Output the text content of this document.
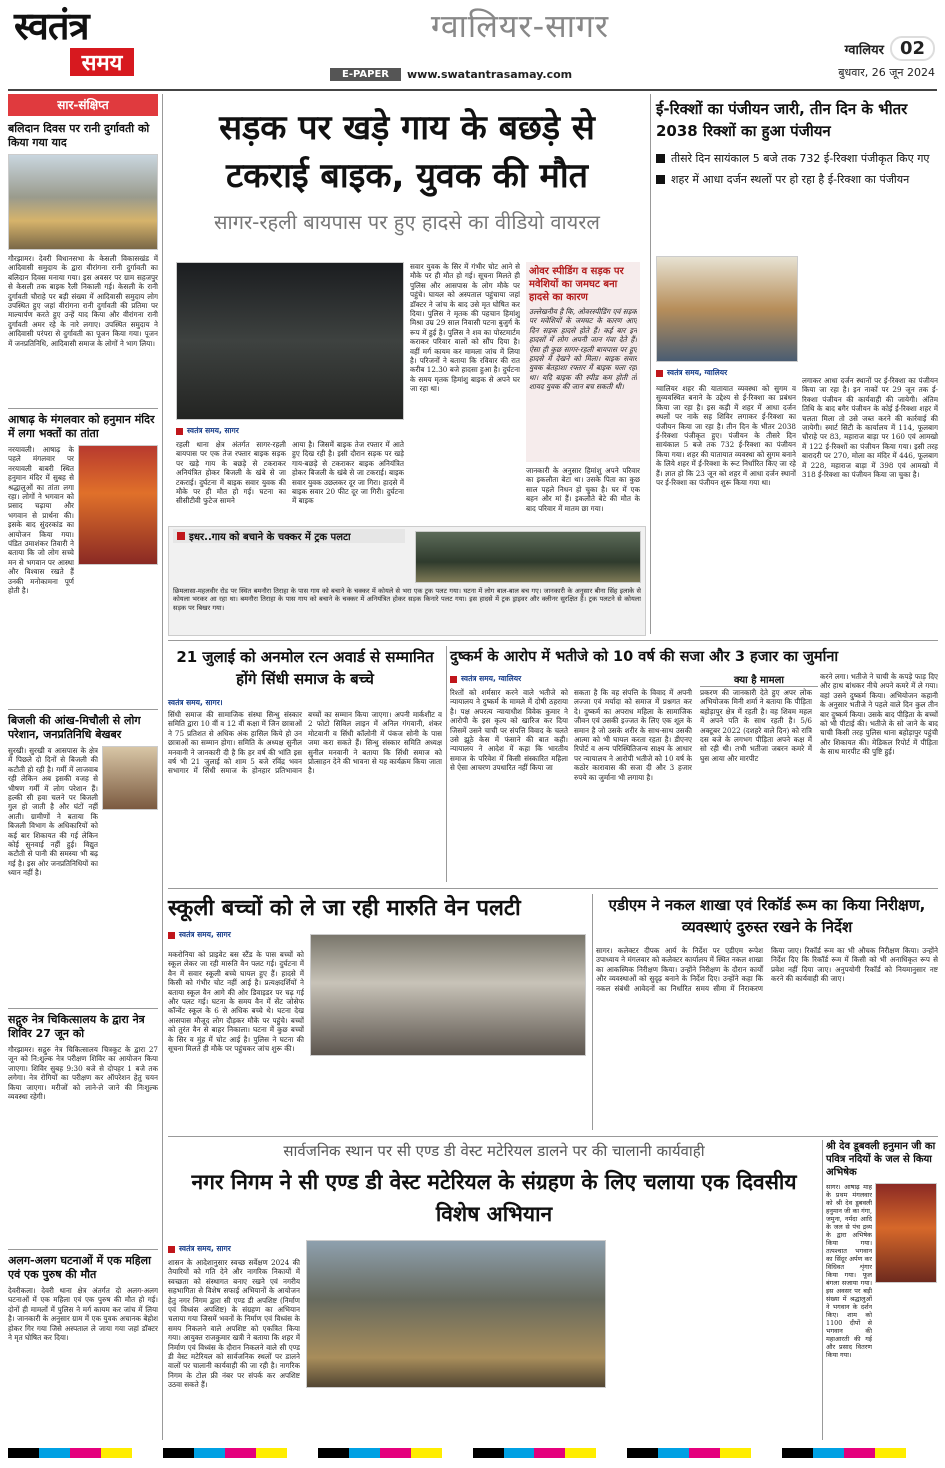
स्वतंत्र
समय
ग्वालियर-सागर
E-PAPER	www.swatantrasamay.com
ग्वालियर 02
बुधवार, 26 जून 2024
सार-संक्षिप्त
बलिदान दिवस पर रानी दुर्गावती को किया गया याद
गौरझामर। देवरी विधानसभा के केसली विकासखंड में आदिवासी समुदाय के द्वारा वीरांगना रानी दुर्गावती का बलिदान दिवस मनाया गया। इस अवसर पर ग्राम सहजपुर से केसली तक बाइक रैली निकाली गई। केसली के रानी दुर्गावती चौराहे पर बड़ी संख्या में आदिवासी समुदाय लोग उपस्थित हुए जहां वीरांगना रानी दुर्गावती की प्रतिमा पर माल्यार्पण करते हुए उन्हें याद किया और वीरांगना रानी दुर्गावती अमर रहे के नारे लगाए। उपस्थित समुदाय ने आदिवासी परंपरा से दुर्गावती का पूजन किया गया। पूजन में जनप्रतिनिधि, आदिवासी समाज के लोगों ने भाग लिया।
आषाढ़ के मंगलवार को हनुमान मंदिर में लगा भक्तों का तांता
नरयावली। आषाढ़ के पहले मंगलवार पर नरयावली बाबरी स्थित हनुमान मंदिर में सुबह से श्रद्धालुओं का तांता लगा रहा। लोगों ने भगवान को प्रसाद चढ़ाया और भगवान से प्रार्थना की। इसके बाद सुंदरकांड का आयोजन किया गया। पंडित उमाशंकर तिवारी ने बताया कि जो लोग सच्चे मन से भगवान पर आस्था और विश्वास रखते हैं उनकी मनोकामना पूर्ण होती है।
बिजली की आंख-मिचौली से लोग परेशान, जनप्रतिनिधि बेखबर
सुरखी। सुरखी व आसपास के क्षेत्र में पिछले दो दिनों से बिजली की कटौती हो रही है। गर्मी में लाजवाब रही लेकिन अब इसकी वजह से भीषण गर्मी में लोग परेशान हैं। हल्की सी हवा चलने पर बिजली गुल हो जाती है और घंटों नहीं आती। ग्रामीणों ने बताया कि बिजली विभाग के अधिकारियों को कई बार शिकायत की गई लेकिन कोई सुनवाई नहीं हुई। विद्युत कटौती से पानी की समस्या भी बढ़ गई है। इस ओर जनप्रतिनिधियों का ध्यान नहीं है।
सद्गुरु नेत्र चिकित्सालय के द्वारा नेत्र शिविर 27 जून को
गौरझामर। सद्गुरु नेत्र चिकित्सालय चित्रकूट के द्वारा 27 जून को नि:शुल्क नेत्र परीक्षण शिविर का आयोजन किया जाएगा। शिविर सुबह 9:30 बजे से दोपहर 1 बजे तक लगेगा। नेत्र रोगियों का परीक्षण कर ऑपरेशन हेतु चयन किया जाएगा। मरीजों को लाने-ले जाने की निःशुल्क व्यवस्था रहेगी।
अलग-अलग घटनाओं में एक महिला एवं एक पुरुष की मौत
देवरीकला। देवरी थाना क्षेत्र अंतर्गत दो अलग-अलग घटनाओं में एक महिला एवं एक पुरुष की मौत हो गई। दोनों ही मामलों में पुलिस ने मर्ग कायम कर जांच में लिया है। जानकारी के अनुसार ग्राम में एक युवक अचानक बेहोश होकर गिर गया जिसे अस्पताल ले जाया गया जहां डॉक्टर ने मृत घोषित कर दिया।
सड़क पर खड़े गाय के बछड़े से
टकराई बाइक, युवक की मौत
सागर-रहली बायपास पर हुए हादसे का वीडियो वायरल
स्वतंत्र समय, सागर
रहली थाना क्षेत्र अंतर्गत सागर-रहली बायपास पर एक तेज रफ्तार बाइक सड़क पर खड़े गाय के बछड़े से टकराकर अनियंत्रित होकर बिजली के खंबे से जा टकराई। दुर्घटना में बाइक सवार युवक की मौके पर ही मौत हो गई। घटना का सीसीटीवी फुटेज सामने
आया है। जिसमें बाइक तेज रफ्तार में आते हुए दिख रही है। इसी दौरान सड़क पर खड़े गाय-बछड़े से टकराकर बाइक अनियंत्रित होकर बिजली के खंबे से जा टकराई। बाइक सवार युवक उछलकर दूर जा गिरा। हादसे में बाइक सवार 20 फीट दूर जा गिरी। दुर्घटना में बाइक
सवार युवक के सिर में गंभीर चोट आने से मौके पर ही मौत हो गई। सूचना मिलते ही पुलिस और आसपास के लोग मौके पर पहुंचे। घायल को अस्पताल पहुंचाया जहां डॉक्टर ने जांच के बाद उसे मृत घोषित कर दिया। पुलिस ने मृतक की पहचान हिमांशु मिश्रा उम्र 29 साल निवासी पटना बुजुर्ग के रूप में हुई है। पुलिस ने शव का पोस्टमार्टम कराकर परिवार वालों को सौंप दिया है। वहीं मर्ग कायम कर मामला जांच में लिया है। परिजनों ने बताया कि रविवार की रात करीब 12.30 बजे हादसा हुआ है। दुर्घटना के समय मृतक हिमांशु बाइक से अपने घर जा रहा था।
ओवर स्पीडिंग व सड़क पर मवेशियों का जमघट बना हादसे का कारण
उल्लेखनीय है कि, ओवरस्पीडिंग एवं सड़क पर मवेशियों के जमघट के कारण आए दिन सड़क हादसे होते हैं। कई बार इन हादसों में लोग अपनी जान गंवा देते हैं। ऐसा ही कुछ सागर-रहली बायपास पर हुए हादसे में देखने को मिला। बाइक सवार युवक बेतहाशा रफ्तार में बाइक चला रहा था। यदि बाइक की स्पीड कम होती तो शायद युवक की जान बच सकती थी।
जानकारी के अनुसार हिमांशु अपने परिवार का इकलौता बेटा था। उसके पिता का कुछ साल पहले निधन हो चुका है। घर में एक बहन और मां हैं। इकलौते बेटे की मौत के बाद परिवार में मातम छा गया।
इधर..गाय को बचाने के चक्कर में ट्रक पलटा
छिमलासा-महलवीर रोड पर स्थित बमनौरा तिराहा के पास गाय को बचाने के चक्कर में कोयले से भरा एक ट्रक पलट गया। घटना में लोग बाल-बाल बच गए। जानकारी के अनुसार बीना सिंह इलाके से कोयला भरकर आ रहा था। बमनौरा तिराहा के पास गाय को बचाने के चक्कर में अनियंत्रित होकर सड़क किनारे पलट गया। इस हादसे में ट्रक ड्राइवर और क्लीनर सुरक्षित हैं। ट्रक पलटने से कोयला सड़क पर बिखर गया।
ई-रिक्शों का पंजीयन जारी, तीन दिन के भीतर 2038 रिक्शों का हुआ पंजीयन
तीसरे दिन सायंकाल 5 बजे तक 732 ई-रिक्शा पंजीकृत किए गए
शहर में आधा दर्जन स्थलों पर हो रहा है ई-रिक्शा का पंजीयन
स्वतंत्र समय, ग्वालियर
ग्वालियर शहर की यातायात व्यवस्था को सुगम व सुव्यवस्थित बनाने के उद्देश्य से ई-रिक्शा का प्रबंधन किया जा रहा है। इस कड़ी में शहर में आधा दर्जन स्थलों पर नाके सह शिविर लगाकर ई-रिक्शा का पंजीयन किया जा रहा है। तीन दिन के भीतर 2038 ई-रिक्शा पंजीकृत हुए। पंजीयन के तीसरे दिन सायंकाल 5 बजे तक 732 ई-रिक्शा का पंजीयन किया गया। शहर की यातायात व्यवस्था को सुगम बनाने के लिये शहर में ई-रिक्शा के रूट निर्धारित किए जा रहे हैं। ज्ञात हो कि 23 जून को शहर में आधा दर्जन स्थानों पर ई-रिक्शा का पंजीयन शुरू किया गया था।
लगाकर आधा दर्जन स्थानों पर ई-रिक्शा का पंजीयन किया जा रहा है। इन नाकों पर 29 जून तक ई-रिक्शा पंजीयन की कार्यवाही की जायेगी। अंतिम तिथि के बाद बगैर पंजीयन के कोई ई-रिक्शा शहर में चलता मिला तो उसे जब्त करने की कार्रवाई की जायेगी। स्मार्ट सिटी के कार्यालय में 114, फूलबाग चौराहे पर 83, महाराज बाड़ा पर 160 एवं आमखो में 122 ई-रिक्शों का पंजीयन किया गया। इसी तरह बारादरी पर 270, मोला का मंदिर में 446, फूलबाग में 228, महाराज बाड़ा में 398 एवं आमखो में 318 ई-रिक्शा का पंजीयन किया जा चुका है।
21 जुलाई को अनमोल रत्न अवार्ड से सम्मानित होंगे सिंधी समाज के बच्चे
स्वतंत्र समय, सागर।
सिंधी समाज की सामाजिक संस्था सिन्धु संस्कार समिति द्वारा 10 वीं व 12 वीं कक्षा में जिन छात्राओं ने 75 प्रतिशत से अधिक अंक हासिल किये हो उन छात्राओं का सम्मान होगा। समिति के अध्यक्ष सुनील मनवानी ने जानकारी दी है कि हर वर्ष की भांति इस वर्ष भी 21 जुलाई को शाम 5 बजे रविंद्र भवन सभागार में सिंधी समाज के होनहार प्रतिभावान बच्चों का सम्मान किया जाएगा। अपनी मार्कशीट व 2 फोटो सिविल लाइन में अनिल गंगवानी, शंकर मोटवानी व सिंधी कॉलोनी में पंकज सोनी के पास जमा करा सकते हैं। सिन्धु संस्कार समिति अध्यक्ष सुनील मनवानी ने बताया कि सिंधी समाज को प्रोत्साहन देने की भावना से यह कार्यक्रम किया जाता है।
दुष्कर्म के आरोप में भतीजे को 10 वर्ष की सजा और 3 हजार का जुर्माना
स्वतंत्र समय, ग्वालियर
रिश्तों को शर्मसार करने वाले भतीजे को न्यायालय ने दुष्कर्म के मामले में दोषी ठहराया है। पक्ष अपरत्य न्यायाधीश विवेक कुमार ने आरोपी के इस कृत्य को खारिज कर दिया जिसमें उसने चाची पर संपत्ति विवाद के चलते उसे झूठे केस में फंसाने की बात कही। न्यायालय ने आदेश में कहा कि भारतीय समाज के परिवेश में किसी संस्कारित महिला से ऐसा आचरण उपधारित नहीं किया जा
सकता है कि वह संपत्ति के विवाद में अपनी लज्जा एवं मर्यादा को समाज में प्रश्नगत कर दे। दुष्कर्म का अपराध महिला के सामाजिक जीवन एवं उसकी इज्जत के लिए एक शूल के समान है जो उसके शरीर के साथ-साथ उसकी आत्मा को भी घायल करता रहता है। डीएनए रिपोर्ट व अन्य परिस्थितिजन्य साक्ष्य के आधार पर न्यायालय ने आरोपी भतीजे को 10 वर्ष के कठोर कारावास की सजा दी और 3 हजार रुपये का जुर्माना भी लगाया है।
क्या है मामला
प्रकरण की जानकारी देते हुए अपर लोक अभियोजक मिनी शर्मा ने बताया कि पीड़िता बहोड़ापुर क्षेत्र में रहती है। वह शिवम महल में अपने पति के साथ रहती है। 5/6 अक्टूबर 2022 (दशहरे वाले दिन) को रात्रि दस बजे के लगभग पीड़िता अपने कक्ष में सो रही थी। तभी भतीजा जबरन कमरे में घुस आया और मारपीट
करने लगा। भतीजे ने चाची के कपड़े फाड़ दिए और हाथ बांधकर नीचे अपने कमरे में ले गया। वहां उसने दुष्कर्म किया। अभियोजन कहानी के अनुसार भतीजे ने पहले वाले दिन कुल तीन बार दुष्कर्म किया। उसके बाद पीड़िता के बच्चों को भी पीटाई की। भतीजे के सो जाने के बाद चाची किसी तरह पुलिस थाना बहोड़ापुर पहुंची और शिकायत की। मेडिकल रिपोर्ट में पीड़िता के साथ मारपीट की पुष्टि हुई।
स्कूली बच्चों को ले जा रही मारुति वेन पलटी
स्वतंत्र समय, सागर
मकरोनिया को प्राइवेट बस स्टैंड के पास बच्चों को स्कूल लेकर जा रही मारुति वैन पलट गई। दुर्घटना में वैन में सवार स्कूली बच्चे घायल हुए हैं। हादसे में किसी को गंभीर चोट नहीं आई है। प्रत्यक्षदर्शियों ने बताया स्कूल वैन आगे की ओर डिवाइडर पर चढ़ गई और पलट गई। घटना के समय वैन में सेंट जोसेफ कॉन्वेंट स्कूल के 6 से अधिक बच्चे थे। घटना देख आसपास मौजूद लोग दौड़कर मौके पर पहुंचे। बच्चों को तुरंत वैन से बाहर निकाला। घटना में कुछ बच्चों के सिर व मुंह में चोट आई है। पुलिस ने घटना की सूचना मिलते ही मौके पर पहुंचकर जांच शुरू की।
एडीएम ने नकल शाखा एवं रिकॉर्ड रूम का किया निरीक्षण, व्यवस्थाएं दुरुस्त रखने के निर्देश
सागर। कलेक्टर दीपक आर्य के निर्देश पर एडीएम रूपेश उपाध्याय ने मंगलवार को कलेक्टर कार्यालय में स्थित नकल शाखा का आकस्मिक निरीक्षण किया। उन्होंने निरीक्षण के दौरान कार्यों और व्यवस्थाओं को सुदृढ़ बनाने के निर्देश दिए। उन्होंने कहा कि नकल संबंधी आवेदनों का निर्धारित समय सीमा में निराकरण किया जाए। रिकॉर्ड रूम का भी औचक निरीक्षण किया। उन्होंने निर्देश दिए कि रिकॉर्ड रूम में किसी को भी अनाधिकृत रूप से प्रवेश नहीं दिया जाए। अनुपयोगी रिकॉर्ड को नियमानुसार नष्ट करने की कार्यवाही की जाए।
सार्वजनिक स्थान पर सी एण्ड डी वेस्ट मटेरियल डालने पर की चालानी कार्यवाही
नगर निगम ने सी एण्ड डी वेस्ट मटेरियल के संग्रहण के लिए चलाया एक दिवसीय विशेष अभियान
स्वतंत्र समय, सागर
शासन के आदेशानुसार स्वच्छ सर्वेक्षण 2024 की तैयारियों को गति देने और नागरिक निकायों में स्वच्छता को संस्थागत बनाए रखने एवं नगरीय सहभागिता से विशेष सफाई अभियानों के आयोजन हेतु नगर निगम द्वारा सी एण्ड डी अपशिष्ट (निर्माण एवं विध्वंस अपशिष्ट) के संग्रहण का अभियान चलाया गया जिसमें भवनों के निर्माण एवं विध्वंस के समय निकलने वाले अपशिष्ट को एकत्रित किया गया। आयुक्त राजकुमार खत्री ने बताया कि शहर में निर्माण एवं विध्वंस के दौरान निकलने वाले सी एण्ड डी वेस्ट मटेरियल को सार्वजनिक स्थलों पर डालने वालों पर चालानी कार्यवाही की जा रही है। नागरिक निगम के टोल फ्री नंबर पर संपर्क कर अपशिष्ट उठवा सकते हैं।
श्री देव डूबवली हनुमान जी का पवित्र नदियों के जल से किया अभिषेक
सागर। आषाढ़ माह के प्रथम मंगलवार को श्री देव डूबवली हनुमान जी का गंगा, जमुना, नर्मदा आदि के जल से पंच द्रव्य के द्वारा अभिषेक किया गया। तत्पश्चात भगवान का सिंदूर अर्पण कर विधिवत शृंगार किया गया। फूल बंगला सजाया गया। इस अवसर पर बड़ी संख्या में श्रद्धालुओं ने भगवान के दर्शन किए। शाम को 1100 दीपों से भगवान की महाआरती की गई और प्रसाद वितरण किया गया।
